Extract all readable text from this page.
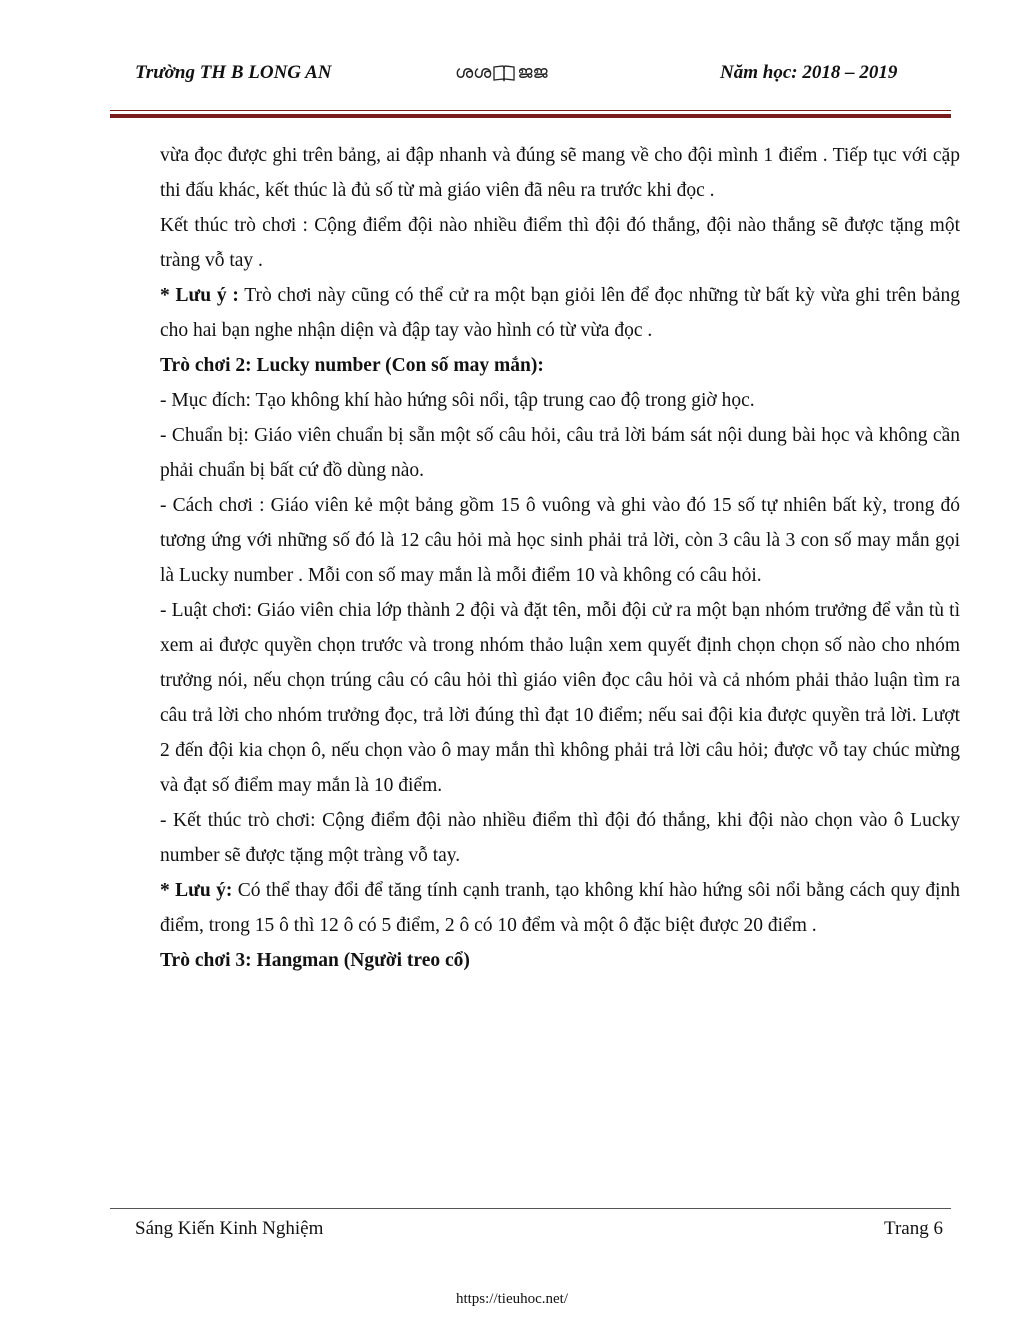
Trường TH B LONG AN	ശശ ജജ	Năm học: 2018 – 2019

vừa đọc được ghi trên bảng, ai đập nhanh và đúng sẽ mang về cho đội mình 1 điểm . Tiếp tục với cặp thi đấu khác, kết thúc là đủ số từ mà giáo viên đã nêu ra trước khi đọc .

Kết thúc trò chơi : Cộng điểm đội nào nhiều điểm thì đội đó thắng, đội nào thắng sẽ được tặng một tràng vỗ tay .

* Lưu ý : Trò chơi này cũng có thể cử ra một bạn giỏi lên để đọc những từ bất kỳ vừa ghi trên bảng cho hai bạn nghe nhận diện và đập tay vào hình có từ vừa đọc .

Trò chơi 2: Lucky number (Con số may mắn):

- Mục đích: Tạo không khí hào hứng sôi nổi, tập trung cao độ trong giờ học.

- Chuẩn bị: Giáo viên chuẩn bị sẵn một số câu hỏi, câu trả lời bám sát nội dung bài học và không cần phải chuẩn bị bất cứ đồ dùng nào.

- Cách chơi : Giáo viên kẻ một bảng gồm 15 ô vuông và ghi vào đó 15 số tự nhiên bất kỳ, trong đó tương ứng với những số đó là 12 câu hỏi mà học sinh phải trả lời, còn 3 câu là 3 con số may mắn gọi là Lucky number . Mỗi con số may mắn là mỗi điểm 10 và không có câu hỏi.

- Luật chơi: Giáo viên chia lớp thành 2 đội và đặt tên, mỗi đội cử ra một bạn nhóm trưởng để vẳn tù tì xem ai được quyền chọn trước và trong nhóm thảo luận xem quyết định chọn chọn số nào cho nhóm trưởng nói, nếu chọn trúng câu có câu hỏi thì giáo viên đọc câu hỏi và cả nhóm phải thảo luận tìm ra câu trả lời cho nhóm trưởng đọc, trả lời đúng thì đạt 10 điểm; nếu sai đội kia được quyền trả lời. Lượt 2 đến đội kia chọn ô, nếu chọn vào ô may mắn thì không phải trả lời câu hỏi; được vỗ tay chúc mừng và đạt số điểm may mắn là 10 điểm.

- Kết thúc trò chơi: Cộng điểm đội nào nhiều điểm thì đội đó thắng, khi đội nào chọn vào ô Lucky number sẽ được tặng một tràng vỗ tay.

* Lưu ý: Có thể thay đổi để tăng tính cạnh tranh, tạo không khí hào hứng sôi nổi bằng cách quy định điểm, trong 15 ô thì 12 ô có 5 điểm, 2 ô có 10 đểm và một ô đặc biệt được 20 điểm .

Trò chơi 3: Hangman (Người treo cổ)

Sáng Kiến Kinh Nghiệm	Trang 6
https://tieuhoc.net/
